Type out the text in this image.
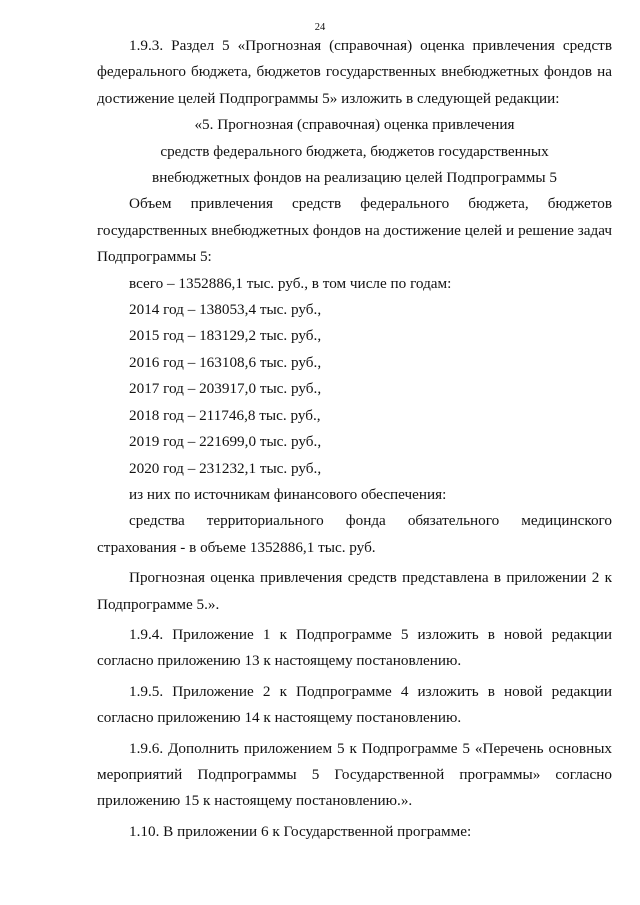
24

1.9.3. Раздел 5 «Прогнозная (справочная) оценка привлечения средств федерального бюджета, бюджетов государственных внебюджетных фондов на достижение целей Подпрограммы 5» изложить в следующей редакции:

«5. Прогнозная (справочная) оценка привлечения

средств федерального бюджета, бюджетов государственных

внебюджетных фондов на реализацию целей Подпрограммы 5

Объем привлечения средств федерального бюджета, бюджетов государственных внебюджетных фондов на достижение целей и решение задач Подпрограммы 5:

всего – 1352886,1 тыс. руб., в том числе по годам:

2014 год – 138053,4 тыс. руб.,

2015 год – 183129,2 тыс. руб.,

2016 год – 163108,6 тыс. руб.,

2017 год – 203917,0 тыс. руб.,

2018 год – 211746,8 тыс. руб.,

2019 год – 221699,0 тыс. руб.,

2020 год – 231232,1 тыс. руб.,

из них по источникам финансового обеспечения:

средства территориального фонда обязательного медицинского страхования - в объеме 1352886,1 тыс. руб.

Прогнозная оценка привлечения средств представлена в приложении 2 к Подпрограмме 5.».

1.9.4. Приложение 1 к Подпрограмме 5 изложить в новой редакции согласно приложению 13 к настоящему постановлению.

1.9.5. Приложение 2 к Подпрограмме 4 изложить в новой редакции согласно приложению 14 к настоящему постановлению.

1.9.6. Дополнить приложением 5 к Подпрограмме 5 «Перечень основных мероприятий Подпрограммы 5 Государственной программы» согласно приложению 15 к настоящему постановлению.».

1.10. В приложении 6 к Государственной программе:
